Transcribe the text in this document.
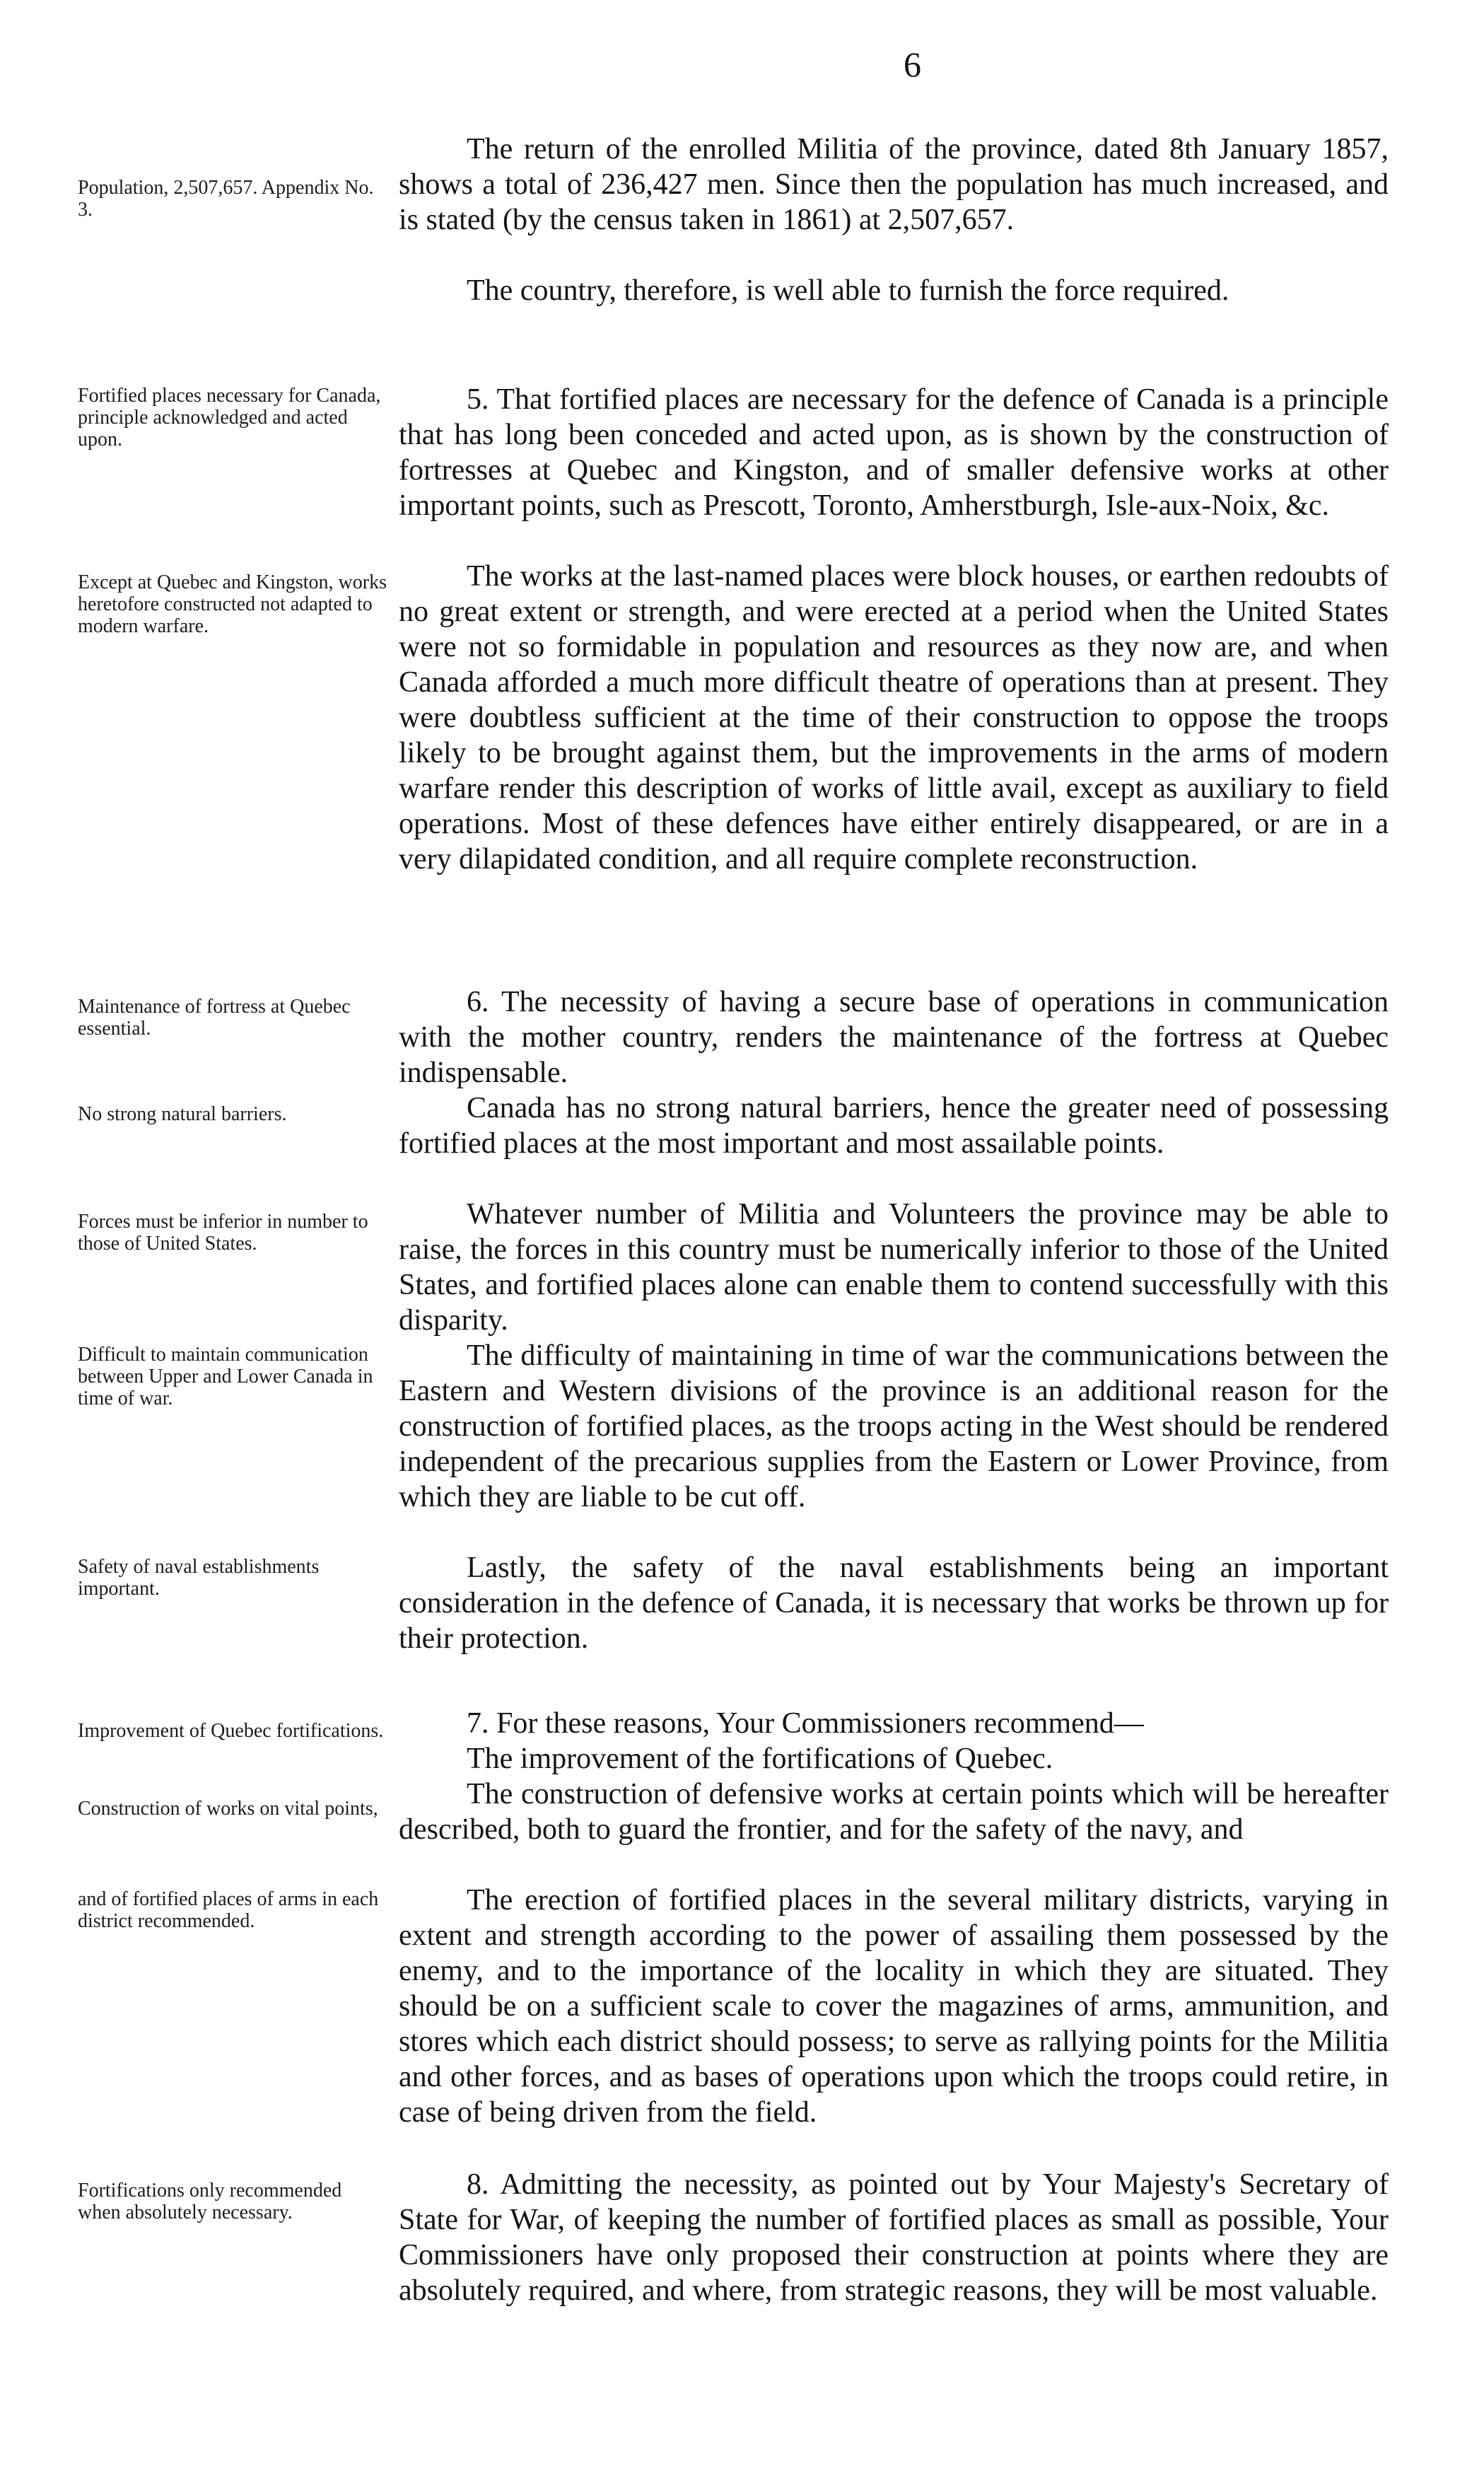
6
Population, 2,507,657. Appendix No. 3.
Fortified places necessary for Canada, principle acknowledged and acted upon.
Except at Quebec and Kingston, works heretofore constructed not adapted to modern warfare.
Maintenance of fortress at Quebec essential.
No strong natural barriers.
Forces must be inferior in number to those of United States.
Difficult to maintain communication between Upper and Lower Canada in time of war.
Safety of naval establishments important.
Improvement of Quebec fortifications.
Construction of works on vital points,
and of fortified places of arms in each district recommended.
Fortifications only recommended when absolutely necessary.
The return of the enrolled Militia of the province, dated 8th January 1857, shows a total of 236,427 men. Since then the population has much increased, and is stated (by the census taken in 1861) at 2,507,657.
The country, therefore, is well able to furnish the force required.
5. That fortified places are necessary for the defence of Canada is a principle that has long been conceded and acted upon, as is shown by the construction of fortresses at Quebec and Kingston, and of smaller defensive works at other important points, such as Prescott, Toronto, Amherstburgh, Isle-aux-Noix, &c.
The works at the last-named places were block houses, or earthen redoubts of no great extent or strength, and were erected at a period when the United States were not so formidable in population and resources as they now are, and when Canada afforded a much more difficult theatre of operations than at present. They were doubtless sufficient at the time of their construction to oppose the troops likely to be brought against them, but the improvements in the arms of modern warfare render this description of works of little avail, except as auxiliary to field operations. Most of these defences have either entirely disappeared, or are in a very dilapidated condition, and all require complete reconstruction.
6. The necessity of having a secure base of operations in communication with the mother country, renders the maintenance of the fortress at Quebec indispensable.
Canada has no strong natural barriers, hence the greater need of possessing fortified places at the most important and most assailable points.
Whatever number of Militia and Volunteers the province may be able to raise, the forces in this country must be numerically inferior to those of the United States, and fortified places alone can enable them to contend successfully with this disparity.
The difficulty of maintaining in time of war the communications between the Eastern and Western divisions of the province is an additional reason for the construction of fortified places, as the troops acting in the West should be rendered independent of the precarious supplies from the Eastern or Lower Province, from which they are liable to be cut off.
Lastly, the safety of the naval establishments being an important consideration in the defence of Canada, it is necessary that works be thrown up for their protection.
7. For these reasons, Your Commissioners recommend—
The improvement of the fortifications of Quebec.
The construction of defensive works at certain points which will be hereafter described, both to guard the frontier, and for the safety of the navy, and
The erection of fortified places in the several military districts, varying in extent and strength according to the power of assailing them possessed by the enemy, and to the importance of the locality in which they are situated. They should be on a sufficient scale to cover the magazines of arms, ammunition, and stores which each district should possess; to serve as rallying points for the Militia and other forces, and as bases of operations upon which the troops could retire, in case of being driven from the field.
8. Admitting the necessity, as pointed out by Your Majesty's Secretary of State for War, of keeping the number of fortified places as small as possible, Your Commissioners have only proposed their construction at points where they are absolutely required, and where, from strategic reasons, they will be most valuable.
